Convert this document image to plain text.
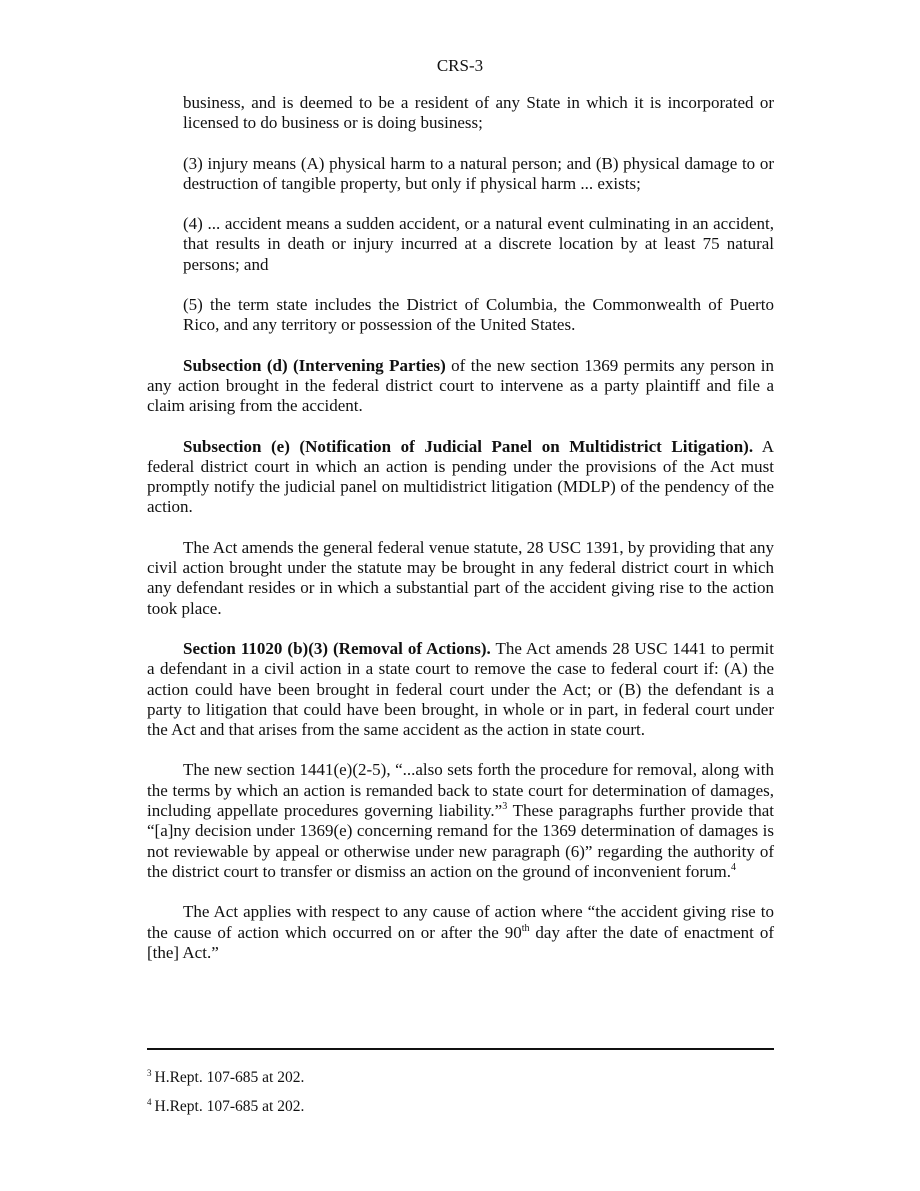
CRS-3
business, and is deemed to be a resident of any State in which it is incorporated or licensed to do business or is doing business;
(3) injury means (A) physical harm to a natural person; and (B) physical damage to or destruction of tangible property, but only if physical harm ... exists;
(4) ... accident means a sudden accident, or a natural event culminating in an accident, that results in death or injury incurred at a discrete location by at least 75 natural persons; and
(5) the term state includes the District of Columbia, the Commonwealth of Puerto Rico, and any territory or possession of the United States.
Subsection (d) (Intervening Parties) of the new section 1369 permits any person in any action brought in the federal district court to intervene as a party plaintiff and file a claim arising from the accident.
Subsection (e) (Notification of Judicial Panel on Multidistrict Litigation). A federal district court in which an action is pending under the provisions of the Act must promptly notify the judicial panel on multidistrict litigation (MDLP) of the pendency of the action.
The Act amends the general federal venue statute, 28 USC 1391, by providing that any civil action brought under the statute may be brought in any federal district court in which any defendant resides or in which a substantial part of the accident giving rise to the action took place.
Section 11020 (b)(3) (Removal of Actions). The Act amends 28 USC 1441 to permit a defendant in a civil action in a state court to remove the case to federal court if: (A) the action could have been brought in federal court under the Act; or (B) the defendant is a party to litigation that could have been brought, in whole or in part, in federal court under the Act and that arises from the same accident as the action in state court.
The new section 1441(e)(2-5), “...also sets forth the procedure for removal, along with the terms by which an action is remanded back to state court for determination of damages, including appellate procedures governing liability.”$^3$ These paragraphs further provide that “[a]ny decision under 1369(e) concerning remand for the 1369 determination of damages is not reviewable by appeal or otherwise under new paragraph (6)” regarding the authority of the district court to transfer or dismiss an action on the ground of inconvenient forum.$^4$
The Act applies with respect to any cause of action where “the accident giving rise to the cause of action which occurred on or after the 90th day after the date of enactment of [the] Act.”
$^3$ H.Rept. 107-685 at 202.
$^4$ H.Rept. 107-685 at 202.
